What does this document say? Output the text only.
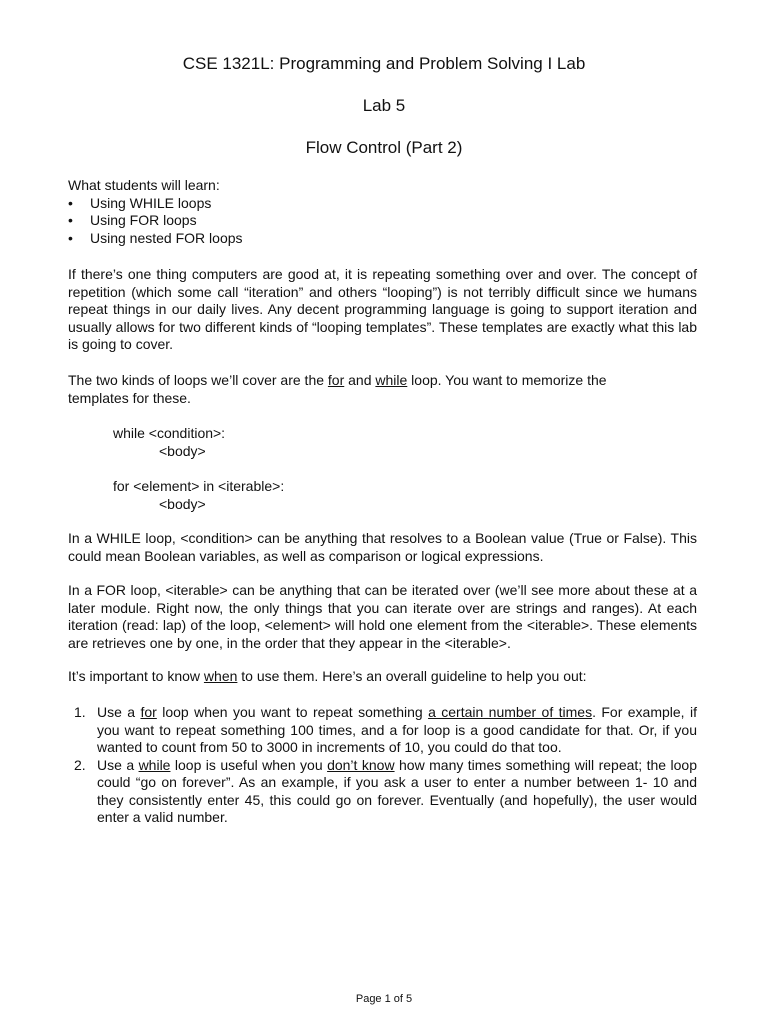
CSE 1321L: Programming and Problem Solving I Lab
Lab 5
Flow Control (Part 2)
What students will learn:
• Using WHILE loops
• Using FOR loops
• Using nested FOR loops
If there’s one thing computers are good at, it is repeating something over and over. The concept of repetition (which some call “iteration” and others “looping”) is not terribly difficult since we humans repeat things in our daily lives. Any decent programming language is going to support iteration and usually allows for two different kinds of “looping templates”. These templates are exactly what this lab is going to cover.
The two kinds of loops we’ll cover are the for and while loop. You want to memorize the templates for these.
while <condition>:
<body>
for <element> in <iterable>:
<body>
In a WHILE loop, <condition> can be anything that resolves to a Boolean value (True or False). This could mean Boolean variables, as well as comparison or logical expressions.
In a FOR loop, <iterable> can be anything that can be iterated over (we’ll see more about these at a later module. Right now, the only things that you can iterate over are strings and ranges). At each iteration (read: lap) of the loop, <element> will hold one element from the <iterable>. These elements are retrieves one by one, in the order that they appear in the <iterable>.
It’s important to know when to use them. Here’s an overall guideline to help you out:
1. Use a for loop when you want to repeat something a certain number of times. For example, if you want to repeat something 100 times, and a for loop is a good candidate for that. Or, if you wanted to count from 50 to 3000 in increments of 10, you could do that too.
2. Use a while loop is useful when you don’t know how many times something will repeat; the loop could “go on forever”. As an example, if you ask a user to enter a number between 1- 10 and they consistently enter 45, this could go on forever. Eventually (and hopefully), the user would enter a valid number.
Page 1 of 5
